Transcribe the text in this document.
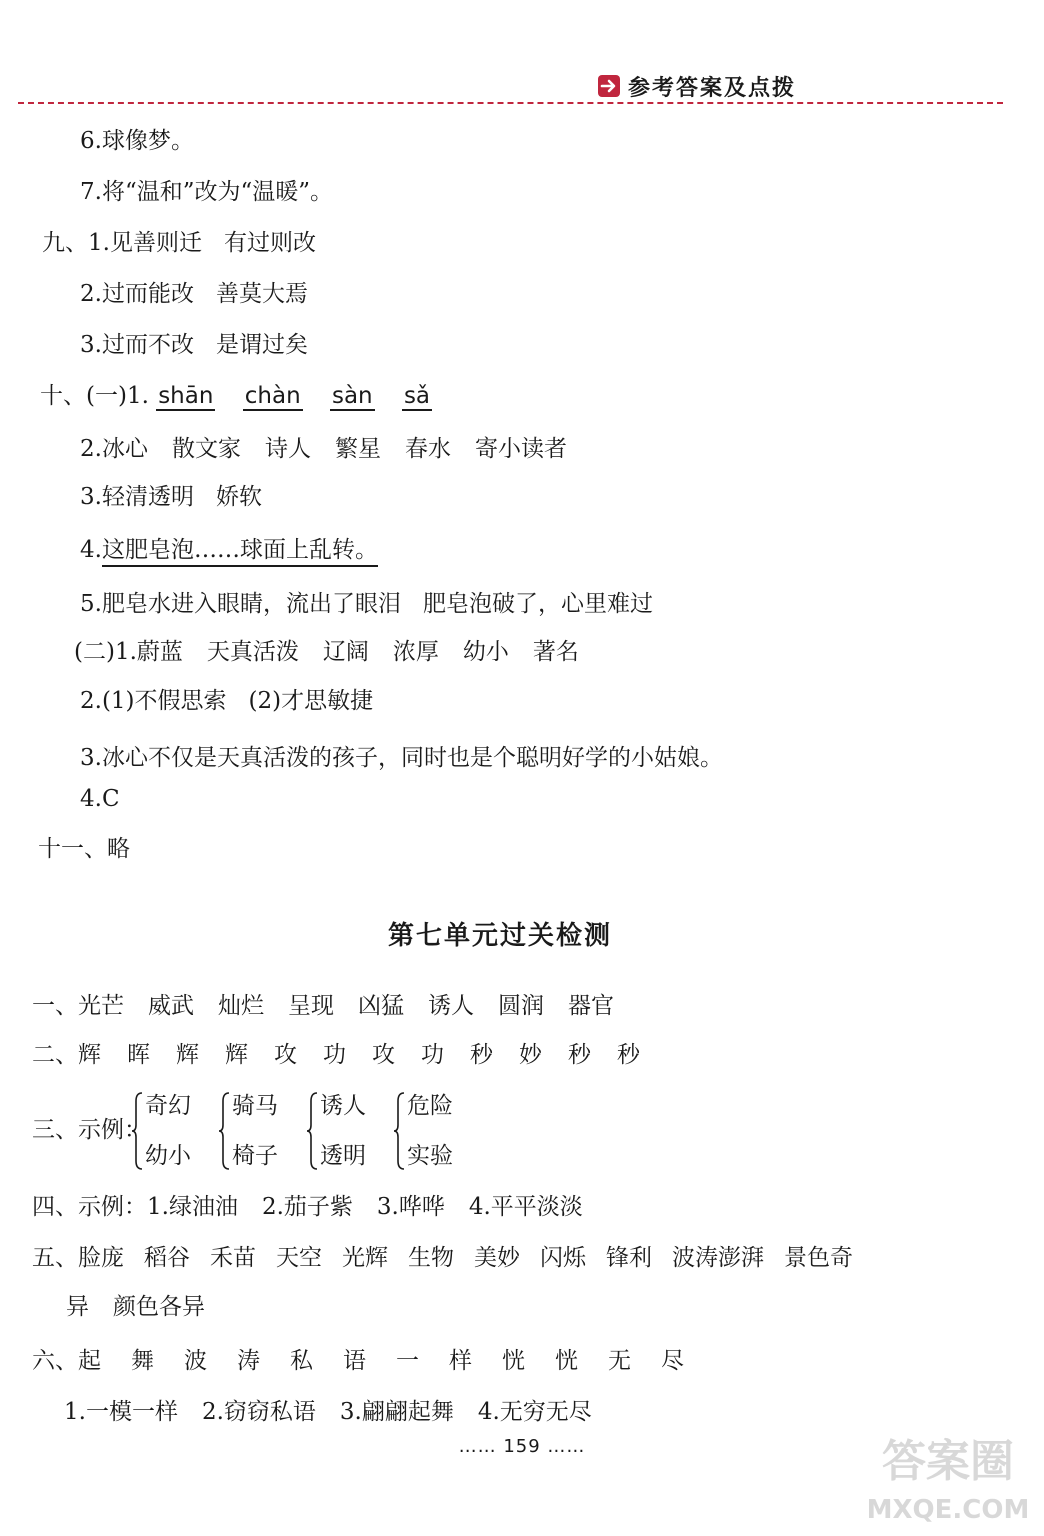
参考答案及点拨
6.球像梦。
7.将“温和”改为“温暖”。
九、1.见善则迁 有过则改
2.过而能改 善莫大焉
3.过而不改 是谓过矣
十、(一)1. shān chàn sàn sǎ
2.冰心 散文家 诗人 繁星 春水 寄小读者
3.轻清透明 娇软
4.这肥皂泡……球面上乱转。
5.肥皂水进入眼睛，流出了眼泪 肥皂泡破了，心里难过
(二)1.蔚蓝 天真活泼 辽阔 浓厚 幼小 著名
2.(1)不假思索 (2)才思敏捷
3.冰心不仅是天真活泼的孩子，同时也是个聪明好学的小姑娘。
4.C
十一、略
第七单元过关检测
一、光芒 威武 灿烂 呈现 凶猛 诱人 圆润 器官
二、辉 晖 辉 辉 攻 功 攻 功 秒 妙 秒 秒
三、示例：
奇幻
幼小
骑马
椅子
诱人
透明
危险
实验
四、示例：1.绿油油 2.茄子紫 3.哗哗 4.平平淡淡
五、脸庞 稻谷 禾苗 天空 光辉 生物 美妙 闪烁 锋利 波涛澎湃 景色奇
异 颜色各异
六、起 舞 波 涛 私 语 一 样 恍 恍 无 尽
1.一模一样 2.窃窃私语 3.翩翩起舞 4.无穷无尽
…… 159 ……	答案圈
MXQE.COM
